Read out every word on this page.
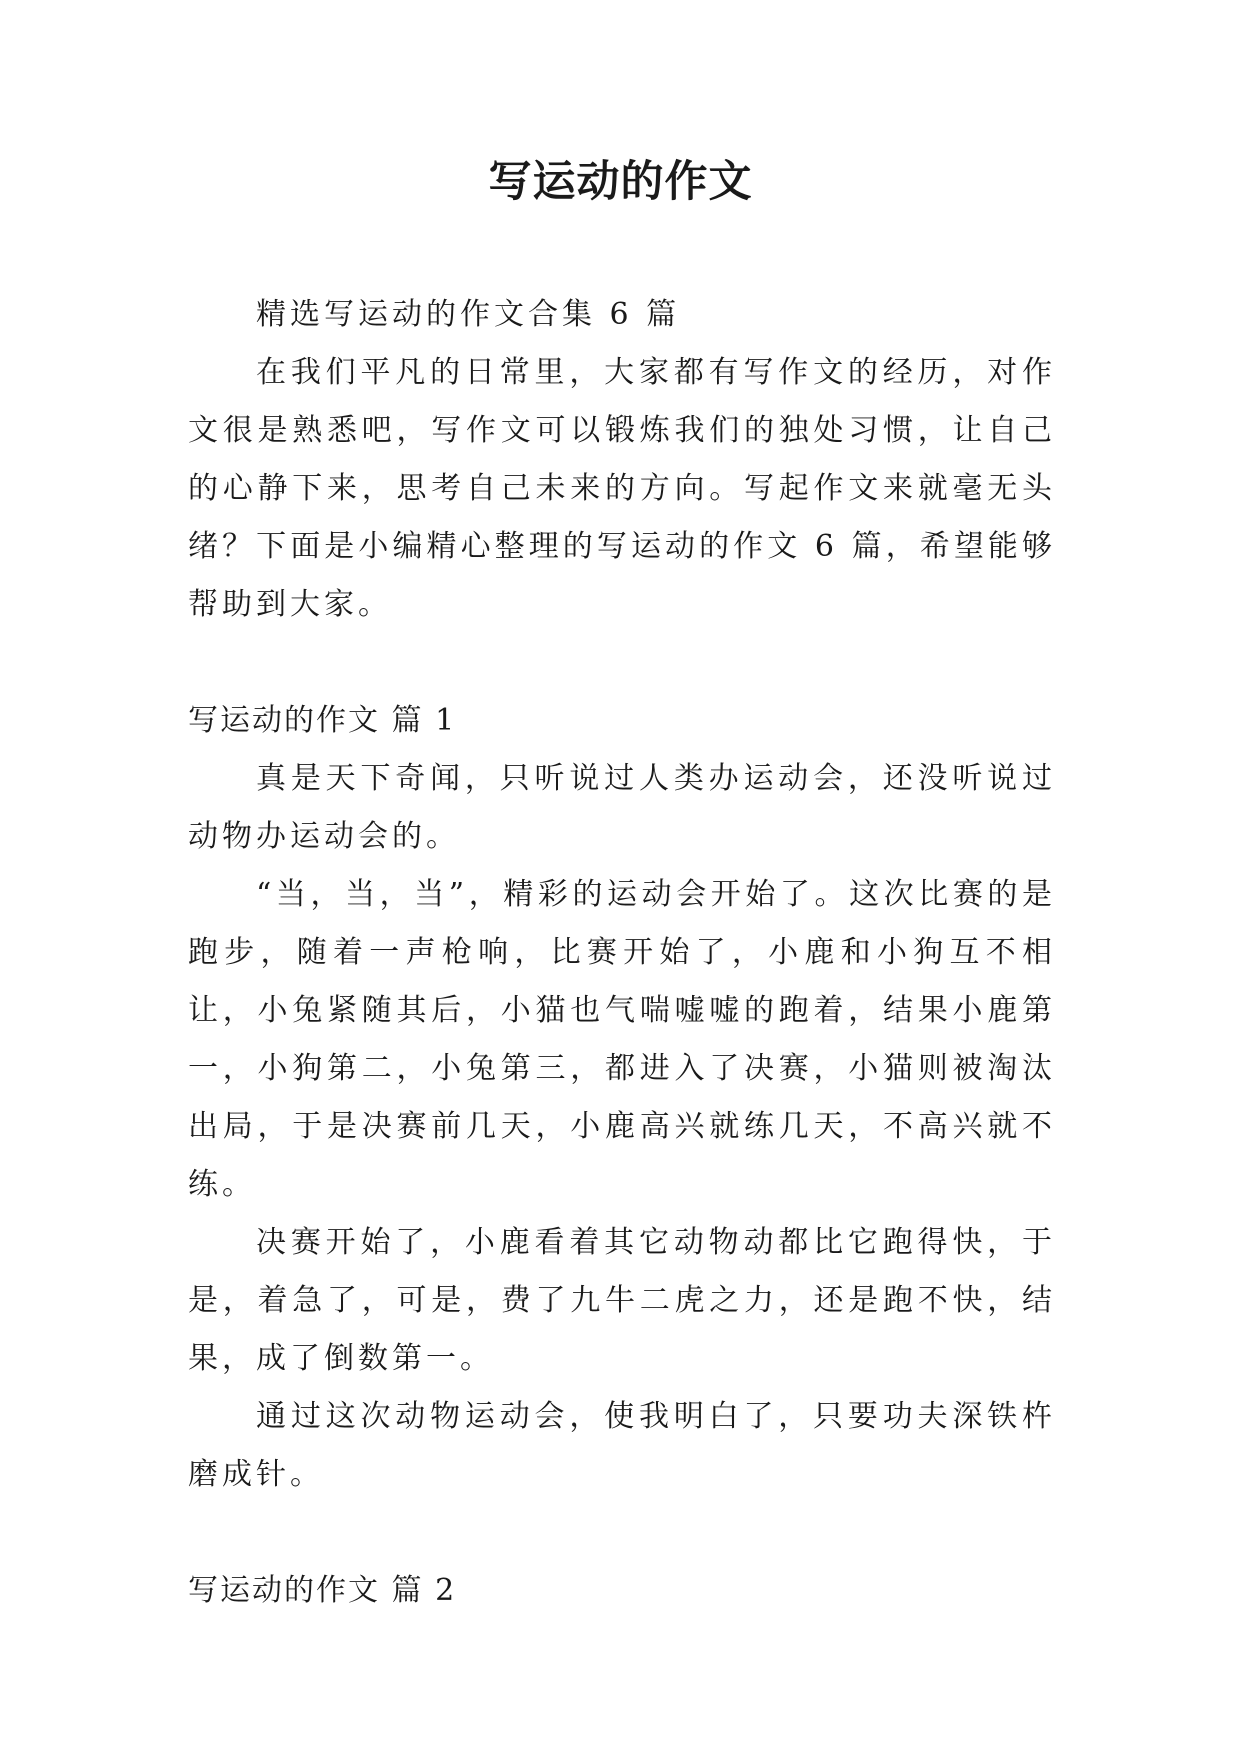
写运动的作文

精选写运动的作文合集 6 篇

在我们平凡的日常里，大家都有写作文的经历，对作文很是熟悉吧，写作文可以锻炼我们的独处习惯，让自己的心静下来，思考自己未来的方向。写起作文来就毫无头绪？下面是小编精心整理的写运动的作文 6 篇，希望能够帮助到大家。

写运动的作文 篇 1

真是天下奇闻，只听说过人类办运动会，还没听说过动物办运动会的。

“当，当，当”，精彩的运动会开始了。这次比赛的是跑步，随着一声枪响，比赛开始了，小鹿和小狗互不相让，小兔紧随其后，小猫也气喘嘘嘘的跑着，结果小鹿第一，小狗第二，小兔第三，都进入了决赛，小猫则被淘汰出局，于是决赛前几天，小鹿高兴就练几天，不高兴就不练。

决赛开始了，小鹿看着其它动物动都比它跑得快，于是，着急了，可是，费了九牛二虎之力，还是跑不快，结果，成了倒数第一。

通过这次动物运动会，使我明白了，只要功夫深铁杵磨成针。

写运动的作文 篇 2
